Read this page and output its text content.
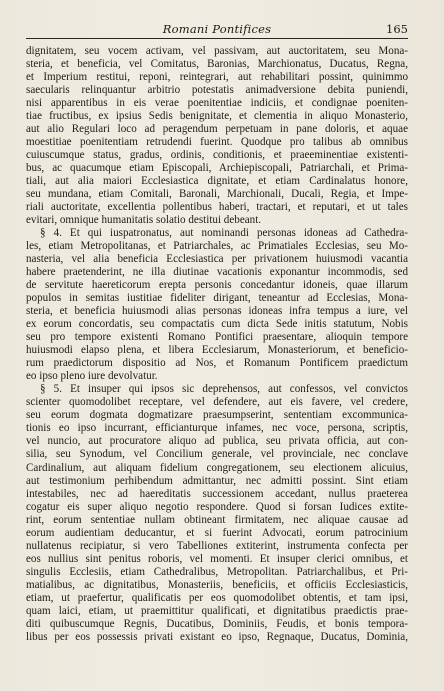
Romani Pontifices	165

dignitatem, seu vocem activam, vel passivam, aut auctoritatem, seu Mona-

steria, et beneficia, vel Comitatus, Baronias, Marchionatus, Ducatus, Regna,

et Imperium restitui, reponi, reintegrari, aut rehabilitari possint, quinimmo

saecularis relinquantur arbitrio potestatis animadversione debita puniendi,

nisi apparentibus in eis verae poenitentiae indiciis, et condignae poeniten-

tiae fructibus, ex ipsius Sedis benignitate, et clementia in aliquo Monasterio,

aut alio Regulari loco ad peragendum perpetuam in pane doloris, et aquae

moestitiae poenitentiam retrudendi fuerint. Quodque pro talibus ab omnibus

cuiuscumque status, gradus, ordinis, conditionis, et praeeminentiae existenti-

bus, ac quacumque etiam Episcopali, Archiepiscopali, Patriarchali, et Prima-

tiali, aut alia maiori Ecclesiastica dignitate, et etiam Cardinalatus honore,

seu mundana, etiam Comitali, Baronali, Marchionali, Ducali, Regia, et Impe-

riali auctoritate, excellentia pollentibus haberi, tractari, et reputari, et ut tales

evitari, omnique humanitatis solatio destitui debeant.

§ 4. Et qui iuspatronatus, aut nominandi personas idoneas ad Cathedra-

les, etiam Metropolitanas, et Patriarchales, ac Primatiales Ecclesias, seu Mo-

nasteria, vel alia beneficia Ecclesiastica per privationem huiusmodi vacantia

habere praetenderint, ne illa diutinae vacationis exponantur incommodis, sed

de servitute haereticorum erepta personis concedantur idoneis, quae illarum

populos in semitas iustitiae fideliter dirigant, teneantur ad Ecclesias, Mona-

steria, et beneficia huiusmodi alias personas idoneas infra tempus a iure, vel

ex eorum concordatis, seu compactatis cum dicta Sede initis statutum, Nobis

seu pro tempore existenti Romano Pontifici praesentare, alioquin tempore

huiusmodi elapso plena, et libera Ecclesiarum, Monasteriorum, et beneficio-

rum praedictorum dispositio ad Nos, et Romanum Pontificem praedictum

eo ipso pleno iure devolvatur.

§ 5. Et insuper qui ipsos sic deprehensos, aut confessos, vel convictos

scienter quomodolibet receptare, vel defendere, aut eis favere, vel credere,

seu eorum dogmata dogmatizare praesumpserint, sententiam excommunica-

tionis eo ipso incurrant, efficianturque infames, nec voce, persona, scriptis,

vel nuncio, aut procuratore aliquo ad publica, seu privata officia, aut con-

silia, seu Synodum, vel Concilium generale, vel provinciale, nec conclave

Cardinalium, aut aliquam fidelium congregationem, seu electionem alicuius,

aut testimonium perhibendum admittantur, nec admitti possint. Sint etiam

intestabiles, nec ad haereditatis successionem accedant, nullus praeterea

cogatur eis super aliquo negotio respondere. Quod si forsan Iudices extite-

rint, eorum sententiae nullam obtineant firmitatem, nec aliquae causae ad

eorum audientiam deducantur, et si fuerint Advocati, eorum patrocinium

nullatenus recipiatur, si vero Tabelliones extiterint, instrumenta confecta per

eos nullius sint penitus roboris, vel momenti. Et insuper clerici omnibus, et

singulis Ecclesiis, etiam Cathedralibus, Metropolitan. Patriarchalibus, et Pri-

matialibus, ac dignitatibus, Monasteriis, beneficiis, et officiis Ecclesiasticis,

etiam, ut praefertur, qualificatis per eos quomodolibet obtentis, et tam ipsi,

quam laici, etiam, ut praemittitur qualificati, et dignitatibus praedictis prae-

diti quibuscumque Regnis, Ducatibus, Dominiis, Feudis, et bonis tempora-

libus per eos possessis privati existant eo ipso, Regnaque, Ducatus, Dominia,
